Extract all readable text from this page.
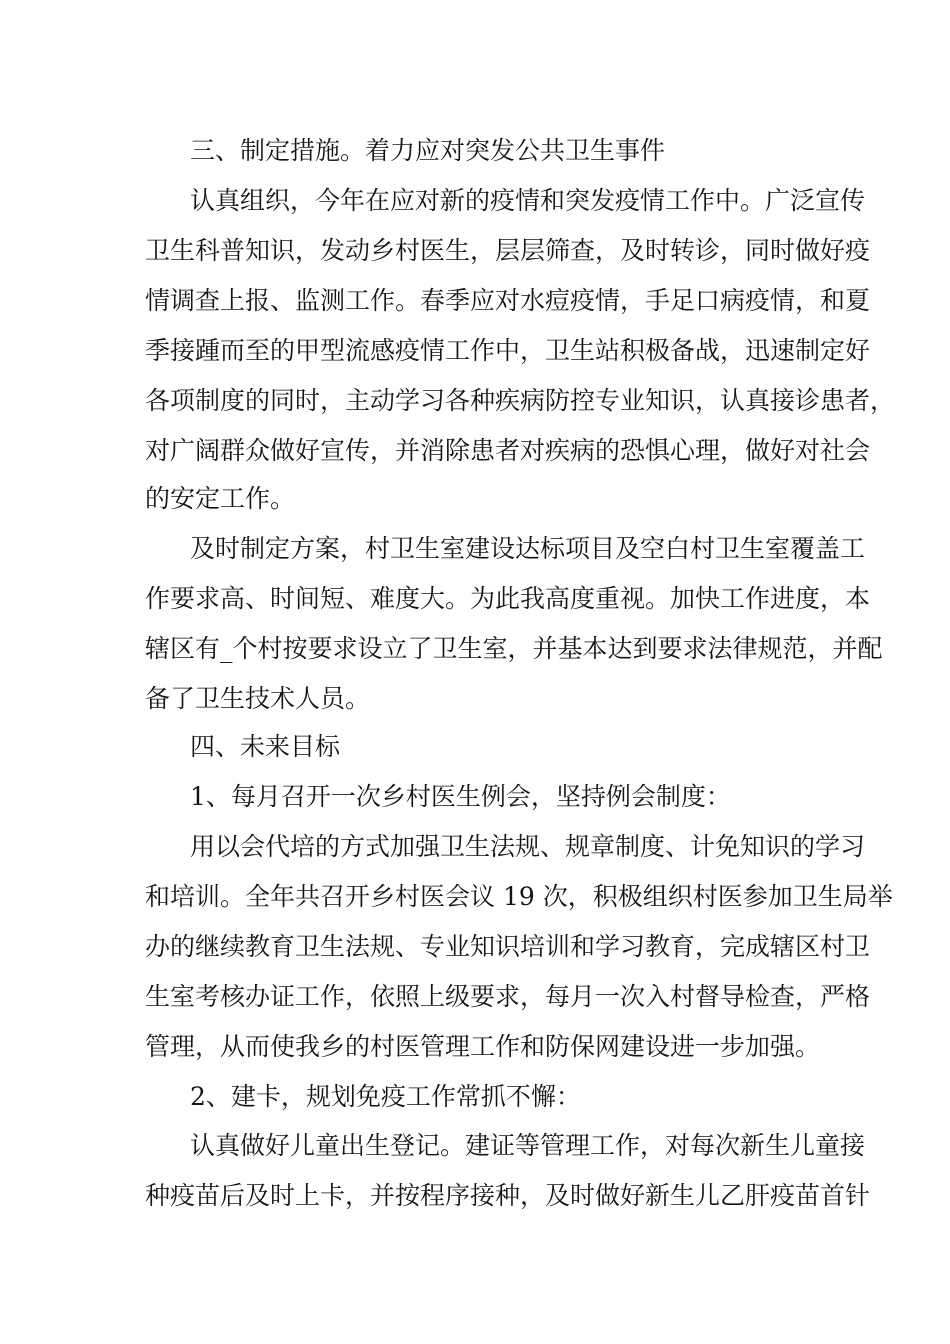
三、制定措施。着力应对突发公共卫生事件
认真组织，今年在应对新的疫情和突发疫情工作中。广泛宣传
卫生科普知识，发动乡村医生，层层筛查，及时转诊，同时做好疫
情调查上报、监测工作。春季应对水痘疫情，手足口病疫情，和夏
季接踵而至的甲型流感疫情工作中，卫生站积极备战，迅速制定好
各项制度的同时，主动学习各种疾病防控专业知识，认真接诊患者，
对广阔群众做好宣传，并消除患者对疾病的恐惧心理，做好对社会
的安定工作。
及时制定方案，村卫生室建设达标项目及空白村卫生室覆盖工
作要求高、时间短、难度大。为此我高度重视。加快工作进度，本
辖区有_个村按要求设立了卫生室，并基本达到要求法律规范，并配
备了卫生技术人员。
四、未来目标
1、每月召开一次乡村医生例会，坚持例会制度：
用以会代培的方式加强卫生法规、规章制度、计免知识的学习
和培训。全年共召开乡村医会议 19 次，积极组织村医参加卫生局举
办的继续教育卫生法规、专业知识培训和学习教育，完成辖区村卫
生室考核办证工作，依照上级要求，每月一次入村督导检查，严格
管理，从而使我乡的村医管理工作和防保网建设进一步加强。
2、建卡，规划免疫工作常抓不懈：
认真做好儿童出生登记。建证等管理工作，对每次新生儿童接
种疫苗后及时上卡，并按程序接种，及时做好新生儿乙肝疫苗首针
